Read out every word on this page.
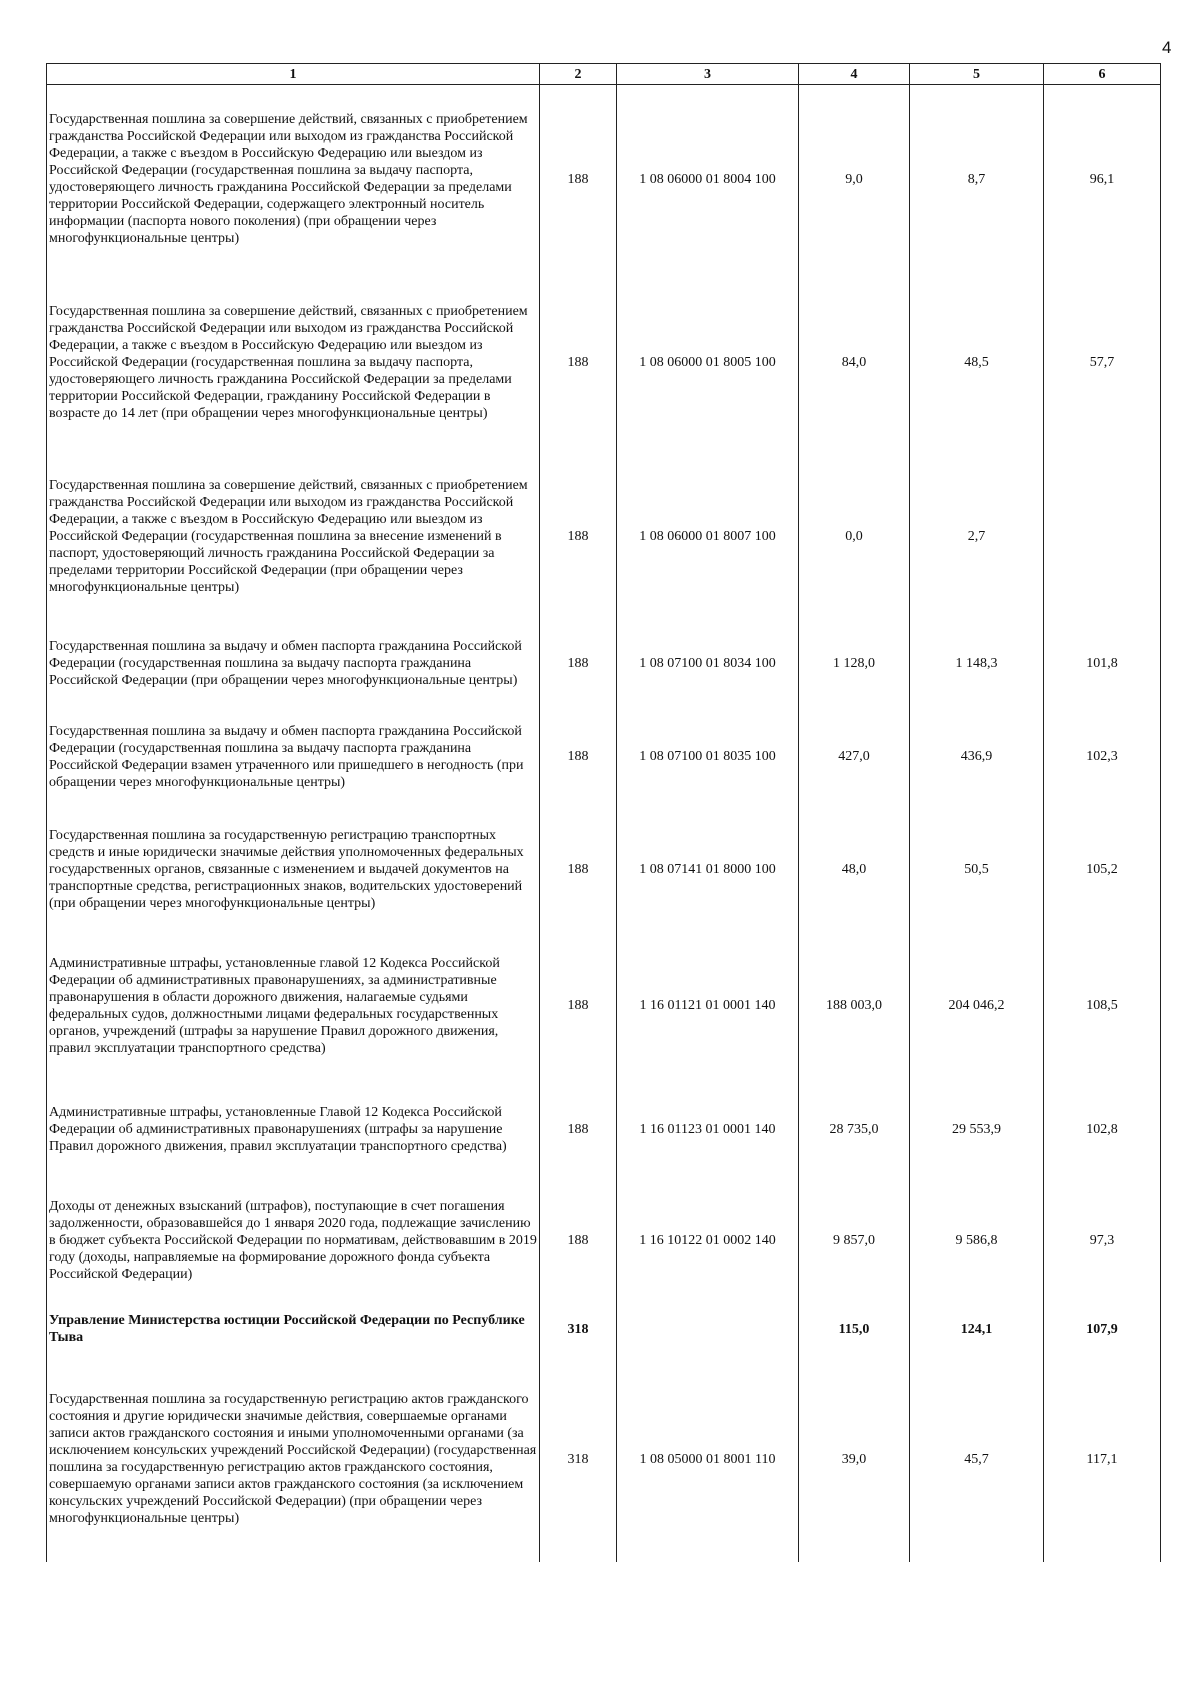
4
1	2	3	4	5	6
Государственная пошлина за совершение действий, связанных с приобретением гражданства Российской Федерации или выходом из гражданства Российской Федерации, а также с въездом в Российскую Федерацию или выездом из Российской Федерации (государственная пошлина за выдачу паспорта, удостоверяющего личность гражданина Российской Федерации за пределами территории Российской Федерации, содержащего электронный носитель информации (паспорта нового поколения) (при обращении через многофункциональные центры)	188	1 08 06000 01 8004 100	9,0	8,7	96,1
Государственная пошлина за совершение действий, связанных с приобретением гражданства Российской Федерации или выходом из гражданства Российской Федерации, а также с въездом в Российскую Федерацию или выездом из Российской Федерации (государственная пошлина за выдачу паспорта, удостоверяющего личность гражданина Российской Федерации за пределами территории Российской Федерации, гражданину Российской Федерации в возрасте до 14 лет (при обращении через многофункциональные центры)	188	1 08 06000 01 8005 100	84,0	48,5	57,7
Государственная пошлина за совершение действий, связанных с приобретением гражданства Российской Федерации или выходом из гражданства Российской Федерации, а также с въездом в Российскую Федерацию или выездом из Российской Федерации (государственная пошлина за внесение изменений в паспорт, удостоверяющий личность гражданина Российской Федерации за пределами территории Российской Федерации (при обращении через многофункциональные центры)	188	1 08 06000 01 8007 100	0,0	2,7	
Государственная пошлина за выдачу и обмен паспорта гражданина Российской Федерации (государственная пошлина за выдачу паспорта гражданина Российской Федерации (при обращении через многофункциональные центры)	188	1 08 07100 01 8034 100	1 128,0	1 148,3	101,8
Государственная пошлина за выдачу и обмен паспорта гражданина Российской Федерации (государственная пошлина за выдачу паспорта гражданина Российской Федерации взамен утраченного или пришедшего в негодность (при обращении через многофункциональные центры)	188	1 08 07100 01 8035 100	427,0	436,9	102,3
Государственная пошлина за государственную регистрацию транспортных средств и иные юридически значимые действия уполномоченных федеральных государственных органов, связанные с изменением и выдачей документов на транспортные средства, регистрационных знаков, водительских удостоверений (при обращении через многофункциональные центры)	188	1 08 07141 01 8000 100	48,0	50,5	105,2
Административные штрафы, установленные главой 12 Кодекса Российской Федерации об административных правонарушениях, за административные правонарушения в области дорожного движения, налагаемые судьями федеральных судов, должностными лицами федеральных государственных органов, учреждений (штрафы за нарушение Правил дорожного движения, правил эксплуатации транспортного средства)	188	1 16 01121 01 0001 140	188 003,0	204 046,2	108,5
Административные штрафы, установленные Главой 12 Кодекса Российской Федерации об административных правонарушениях (штрафы за нарушение Правил дорожного движения, правил эксплуатации транспортного средства)	188	1 16 01123 01 0001 140	28 735,0	29 553,9	102,8
Доходы от денежных взысканий (штрафов), поступающие в счет погашения задолженности, образовавшейся до 1 января 2020 года, подлежащие зачислению в бюджет субъекта Российской Федерации по нормативам, действовавшим в 2019 году (доходы, направляемые на формирование дорожного фонда субъекта Российской Федерации)	188	1 16 10122 01 0002 140	9 857,0	9 586,8	97,3
Управление Министерства юстиции Российской Федерации по Республике Тыва	318		115,0	124,1	107,9
Государственная пошлина за государственную регистрацию актов гражданского состояния и другие юридически значимые действия, совершаемые органами записи актов гражданского состояния и иными уполномоченными органами (за исключением консульских учреждений Российской Федерации) (государственная пошлина за государственную регистрацию актов гражданского состояния, совершаемую органами записи актов гражданского состояния (за исключением консульских учреждений Российской Федерации) (при обращении через многофункциональные центры)	318	1 08 05000 01 8001 110	39,0	45,7	117,1
